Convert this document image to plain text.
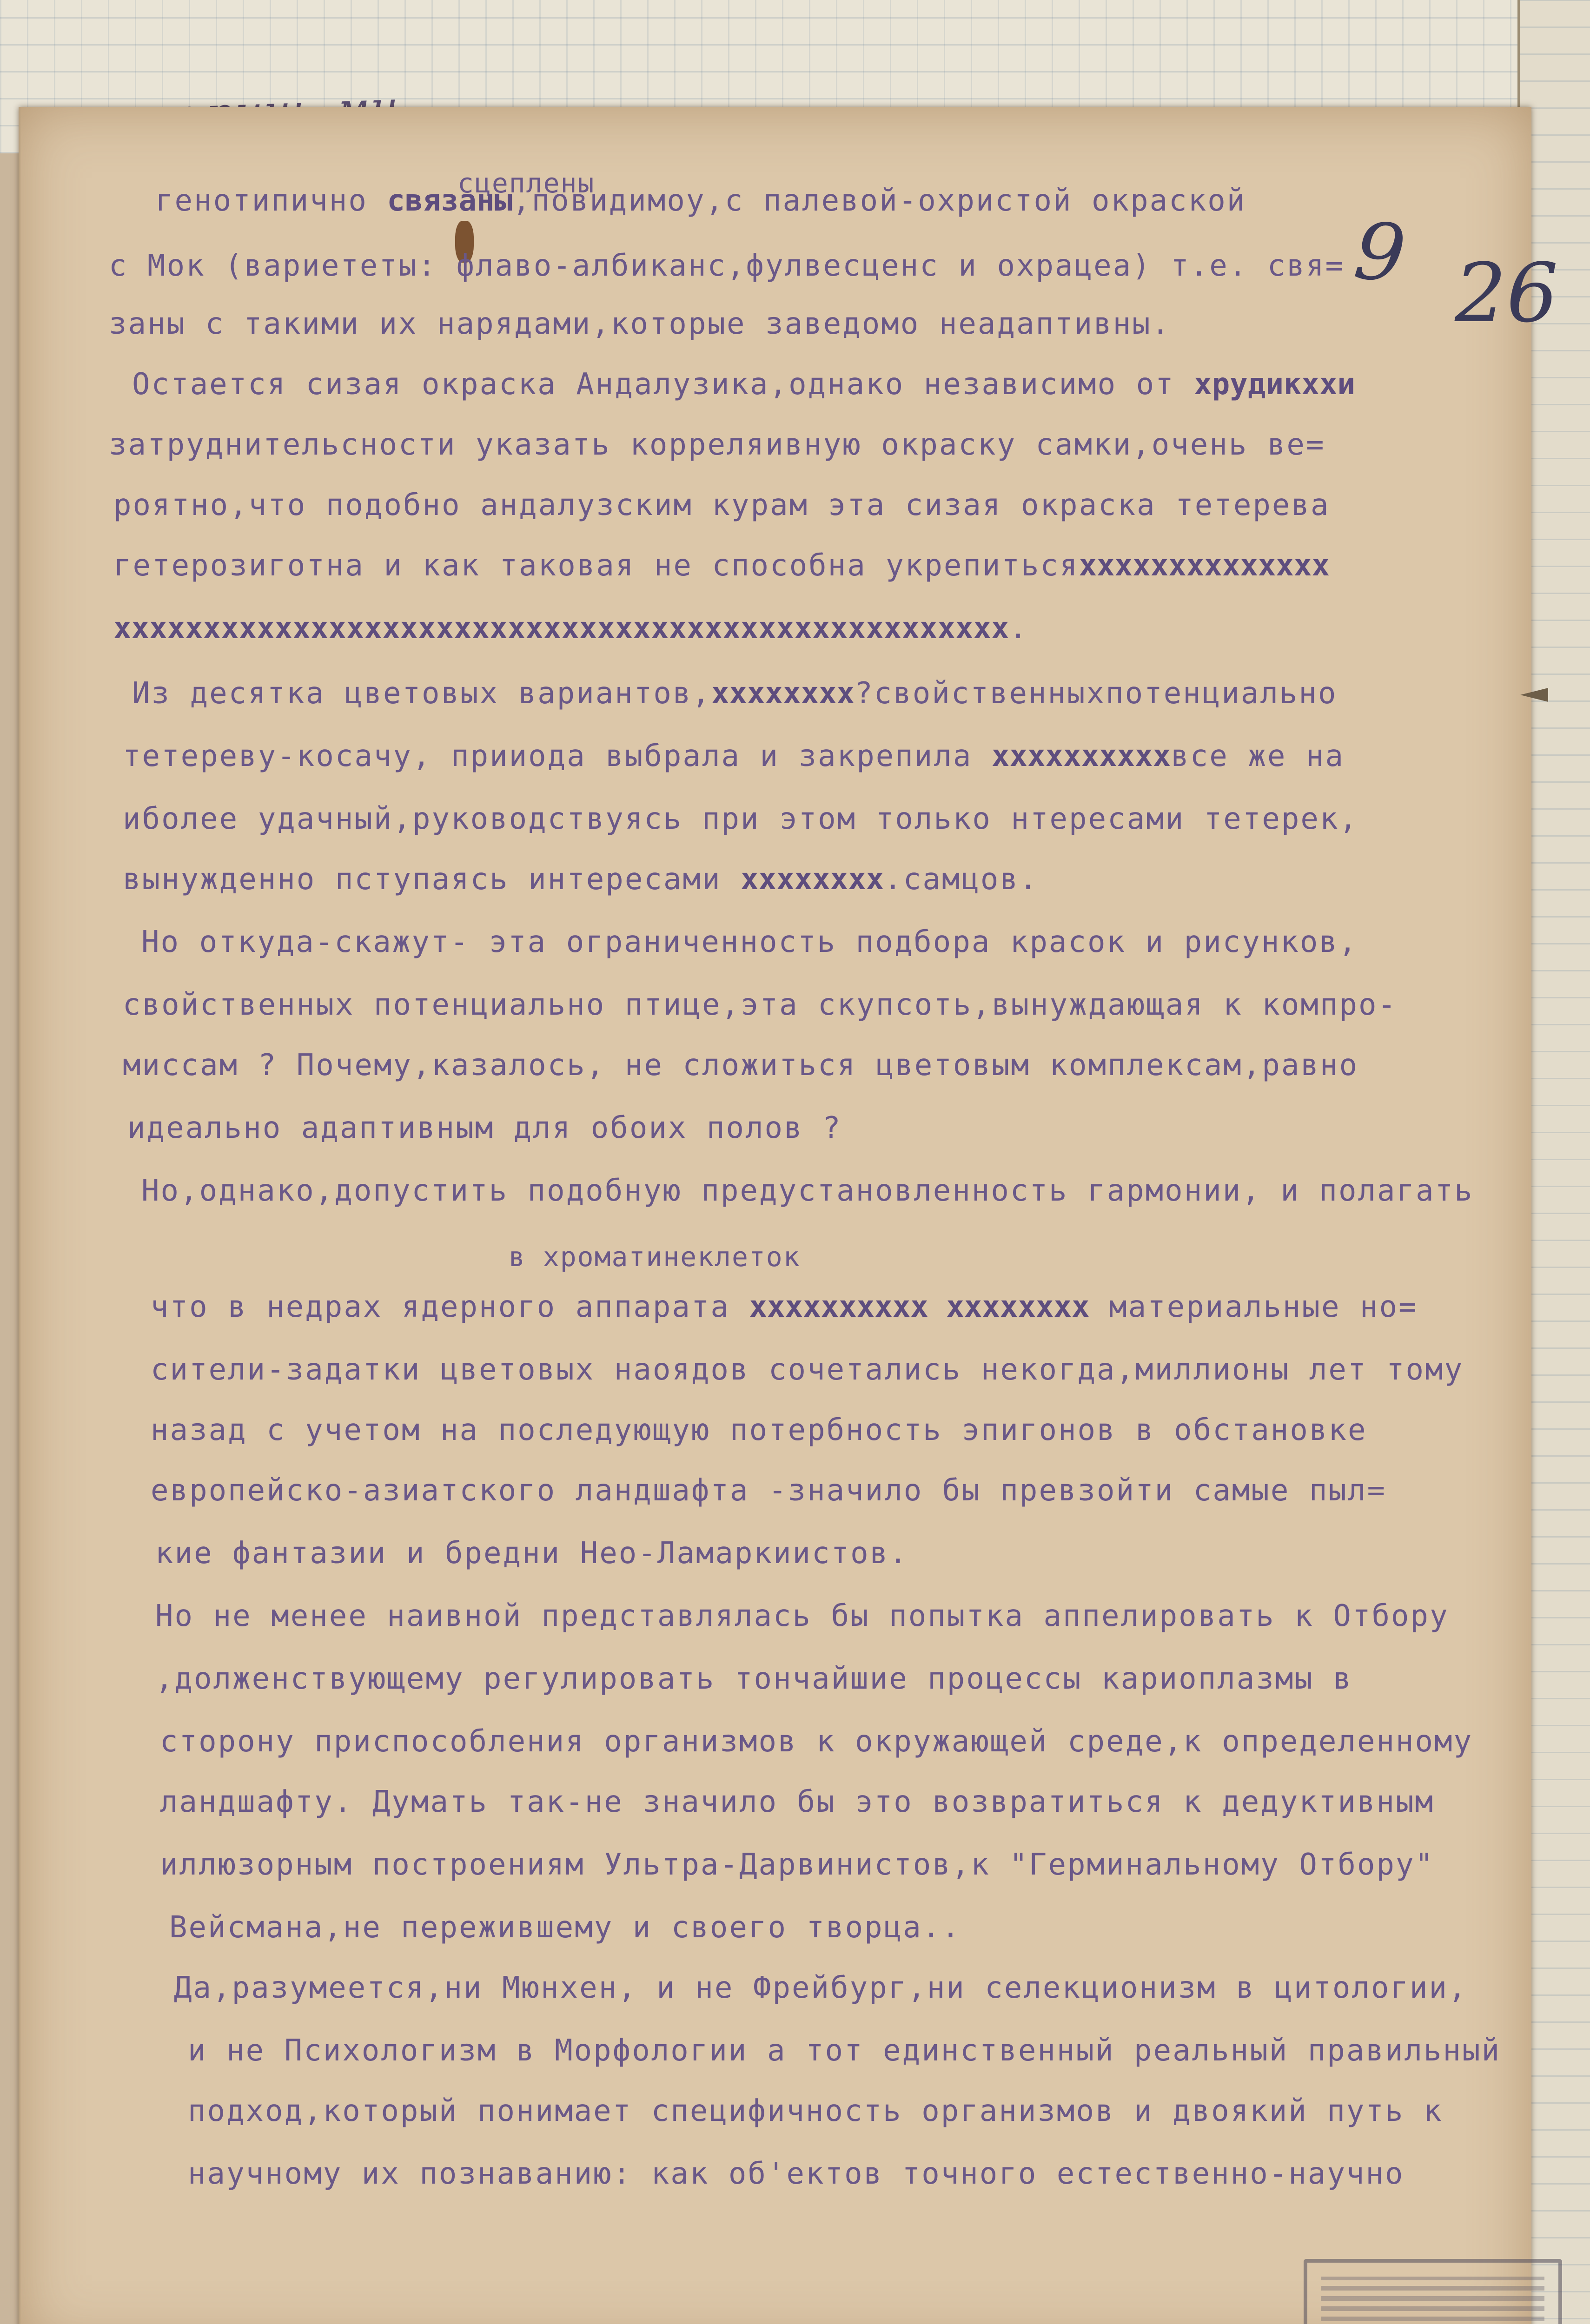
9 26
сцеплены
в хроматинеклеток
генотипично связаны,повидимоу,с палевой-охристой окраской
с Мок (вариететы: флаво-албиканс,фулвесценс и охрацеа) т.е. свя=
заны с такими их нарядами,которые заведомо неадаптивны.
Остается сизая окраска Андалузика,однако независимо от хрудикххи
затруднительсности указать корреляивную окраску самки,очень ве=
роятно,что подобно андалузским курам эта сизая окраска тетерева
гетерозиготна и как таковая не способна укрепитьсяхххххххххххххх
хххххххххххххххххххххххххххххххххххххххххххххххххх.
Из десятка цветовых вариантов,хххххххх?свойственныхпотенциально
тетереву-косачу, прииода выбрала и закрепила ххххххххххвсе же на
иболее удачный,руководствуясь при этом только нтересами тетерек,
вынужденно пступаясь интересами хххххххх.самцов.
Но откуда-скажут- эта ограниченность подбора красок и рисунков,
свойственных потенциально птице,эта скупсоть,вынуждающая к компро-
миссам ? Почему,казалось, не сложиться цветовым комплексам,равно
идеально адаптивным для обоих полов ?
Но,однако,допустить подобную предустановленность гармонии, и полагать
что в недрах ядерного аппарата хххххххххх хххххххх материальные но=
сители-задатки цветовых наоядов сочетались некогда,миллионы лет тому
назад с учетом на последующую потербность эпигонов в обстановке
европейско-азиатского ландшафта -значило бы превзойти самые пыл=
кие фантазии и бредни Нео-Ламаркиистов.
Но не менее наивной представлялась бы попытка аппелировать к Отбору
,долженствующему регулировать тончайшие процессы кариоплазмы в
сторону приспособления организмов к окружающей среде,к определенному
ландшафту. Думать так-не значило бы это возвратиться к дедуктивным
иллюзорным построениям Ультра-Дарвинистов,к "Герминальному Отбору"
Вейсмана,не пережившему и своего творца..
Да,разумеется,ни Мюнхен, и не Фрейбург,ни селекционизм в цитологии,
и не Психологизм в Морфологии а тот единственный реальный правильный
подход,который понимает специфичность организмов и двоякий путь к
научному их познаванию: как об'ектов точного естественно-научно
